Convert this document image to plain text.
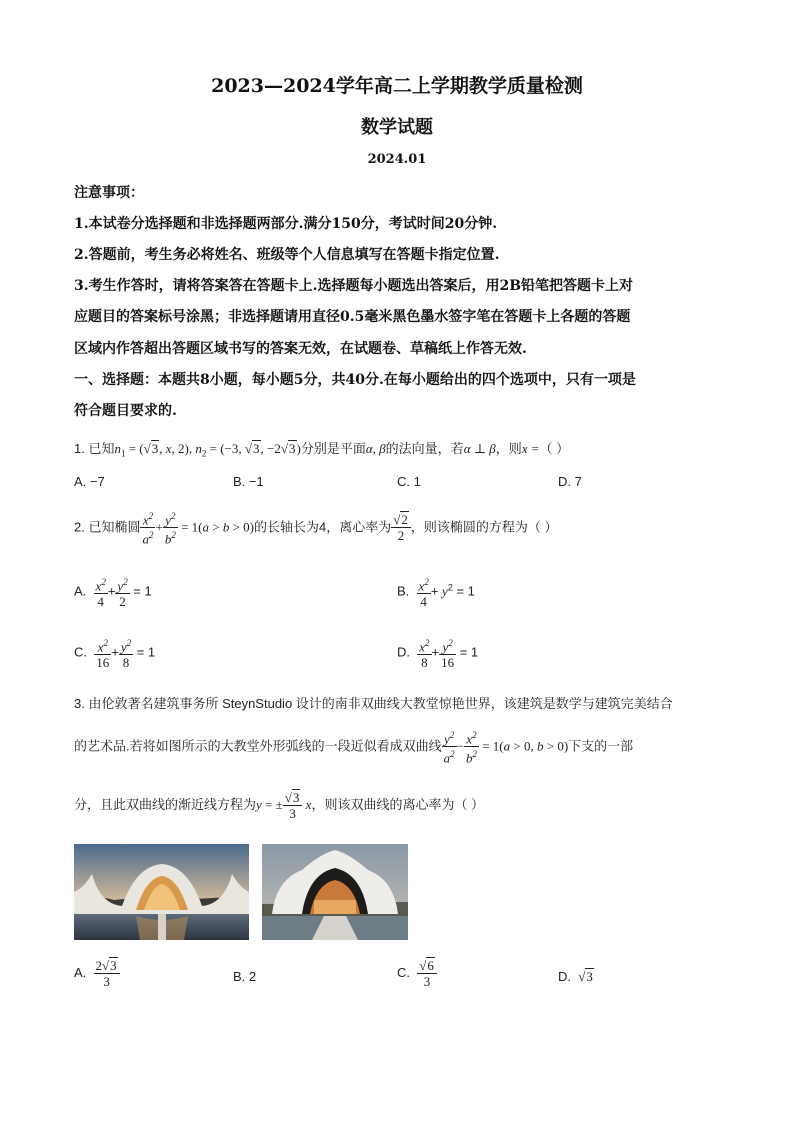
2023—2024学年高二上学期教学质量检测
数学试题
2024.01
注意事项：
1.本试卷分选择题和非选择题两部分.满分150分，考试时间20分钟.
2.答题前，考生务必将姓名、班级等个人信息填写在答题卡指定位置.
3.考生作答时，请将答案答在答题卡上.选择题每小题选出答案后，用2B铅笔把答题卡上对
应题目的答案标号涂黑；非选择题请用直径0.5毫米黑色墨水签字笔在答题卡上各题的答题
区域内作答超出答题区域书写的答案无效，在试题卷、草稿纸上作答无效.
一、选择题：本题共8小题，每小题5分，共40分.在每小题给出的四个选项中，只有一项是
符合题目要求的.
1. 已知$n_1 = (√3$, x, 2), $n_2 = (-3$, √3, −2√3)分别是平面α, β的法向量，若α ⊥ β，则x =（ ）
A. −7	B. −1	C. 1	D. 7
2. 已知椭圆 $\frac{x^2}{a^2} + \frac{y^2}{b^2} = 1(a > b > 0)$的长轴长为4，离心率为 $\frac{√2}{2}$ ，则该椭圆的方程为（ ）
A. $\frac{x^2}{4} + \frac{y^2}{2} = 1$	B. $\frac{x^2}{4} + y^2 = 1$
C. $\frac{x^2}{16} + \frac{y^2}{8} = 1$	D. $\frac{x^2}{8} + \frac{y^2}{16} = 1$
3. 由伦敦著名建筑事务所 SteynStudio 设计的南非双曲线大教堂惊艳世界，该建筑是数学与建筑完美结合
的艺术品.若将如图所示的大教堂外形弧线的一段近似看成双曲线 $\frac{y^2}{a^2} - \frac{x^2}{b^2} = 1(a > 0$, b > 0)下支的一部
分，且此双曲线的渐近线方程为y = ± $\frac{√3}{3}$ x，则该双曲线的离心率为（ ）
A. $\frac{2√3}{3}$	B. 2	C. $\frac{√6}{3}$	D. √3
